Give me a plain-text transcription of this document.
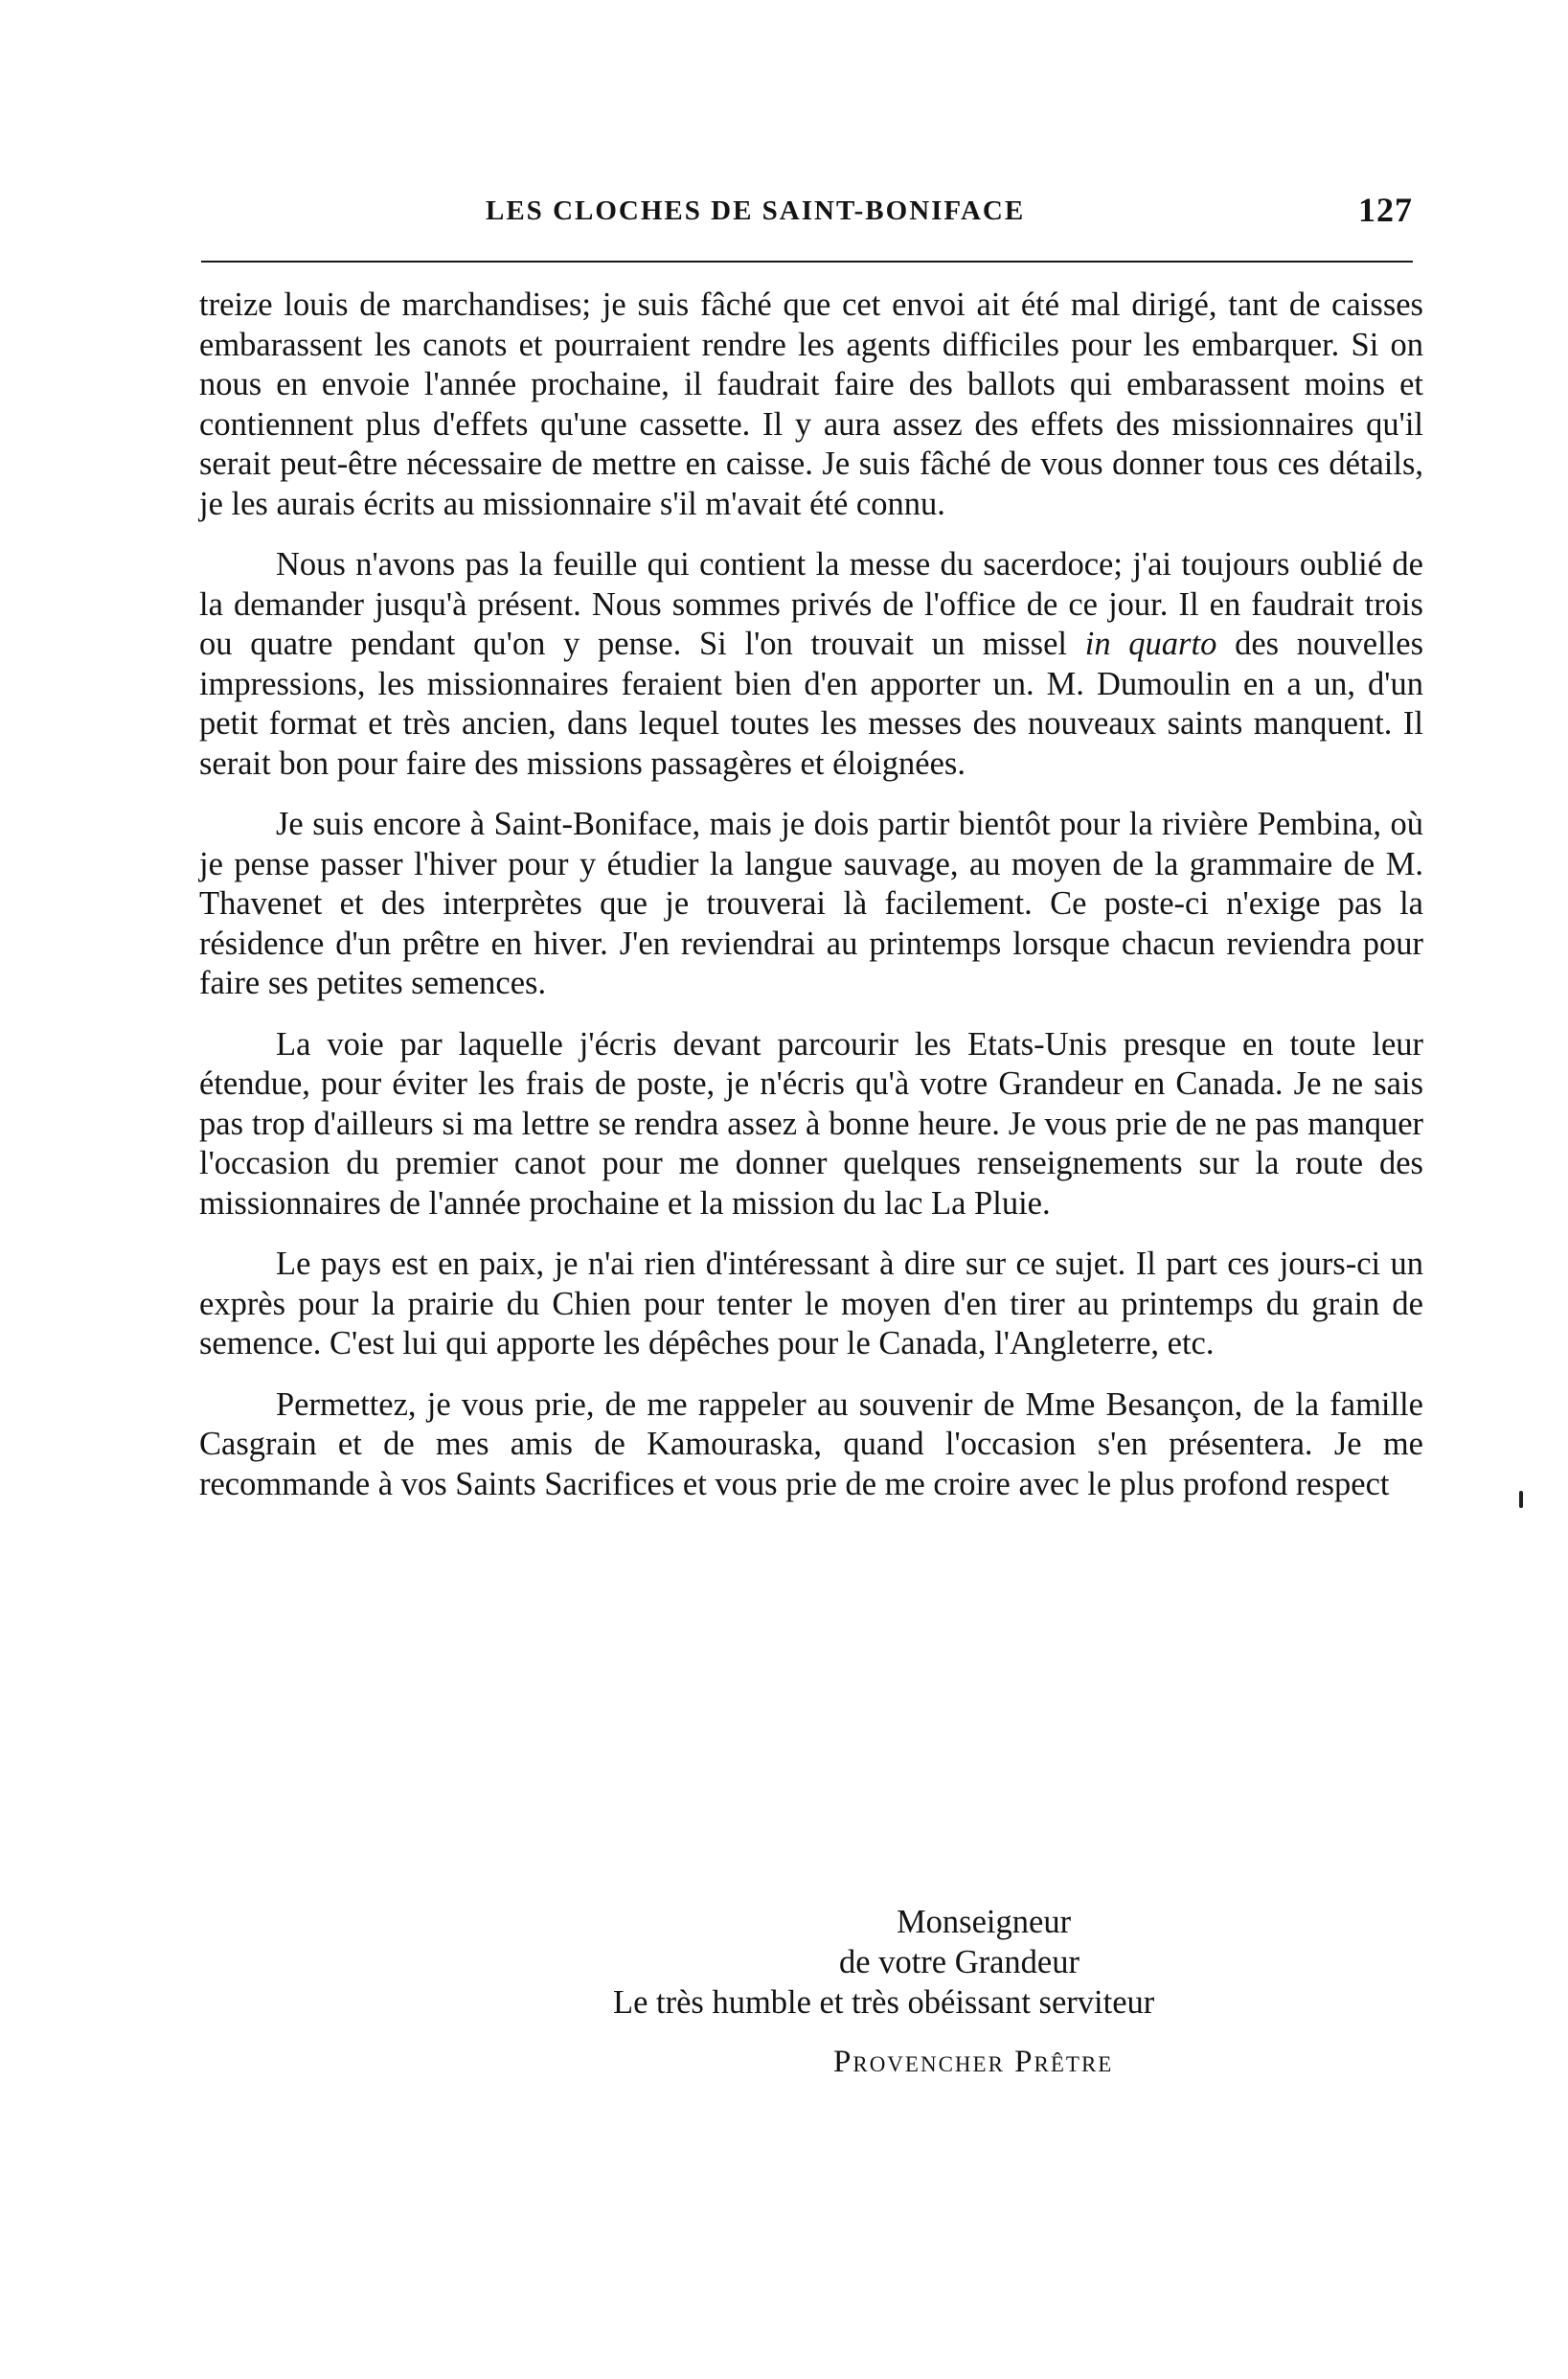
LES CLOCHES DE SAINT-BONIFACE	127

treize louis de marchandises; je suis fâché que cet envoi ait été mal dirigé, tant de caisses embarassent les canots et pourraient rendre les agents difficiles pour les embarquer. Si on nous en envoie l'année prochaine, il faudrait faire des ballots qui embarassent moins et contiennent plus d'effets qu'une cassette. Il y aura assez des effets des missionnaires qu'il serait peut-être nécessaire de mettre en caisse. Je suis fâché de vous donner tous ces détails, je les aurais écrits au missionnaire s'il m'avait été connu.

Nous n'avons pas la feuille qui contient la messe du sacerdoce; j'ai toujours oublié de la demander jusqu'à présent. Nous sommes privés de l'office de ce jour. Il en faudrait trois ou quatre pendant qu'on y pense. Si l'on trouvait un missel in quarto des nouvelles impressions, les missionnaires feraient bien d'en apporter un. M. Dumoulin en a un, d'un petit format et très ancien, dans lequel toutes les messes des nouveaux saints manquent. Il serait bon pour faire des missions passagères et éloignées.

Je suis encore à Saint-Boniface, mais je dois partir bientôt pour la rivière Pembina, où je pense passer l'hiver pour y étudier la langue sauvage, au moyen de la grammaire de M. Thavenet et des interprètes que je trouverai là facilement. Ce poste-ci n'exige pas la résidence d'un prêtre en hiver. J'en reviendrai au printemps lorsque chacun reviendra pour faire ses petites semences.

La voie par laquelle j'écris devant parcourir les Etats-Unis presque en toute leur étendue, pour éviter les frais de poste, je n'écris qu'à votre Grandeur en Canada. Je ne sais pas trop d'ailleurs si ma lettre se rendra assez à bonne heure. Je vous prie de ne pas manquer l'occasion du premier canot pour me donner quelques renseignements sur la route des missionnaires de l'année prochaine et la mission du lac La Pluie.

Le pays est en paix, je n'ai rien d'intéressant à dire sur ce sujet. Il part ces jours-ci un exprès pour la prairie du Chien pour tenter le moyen d'en tirer au printemps du grain de semence. C'est lui qui apporte les dépêches pour le Canada, l'Angleterre, etc.

Permettez, je vous prie, de me rappeler au souvenir de Mme Besançon, de la famille Casgrain et de mes amis de Kamouraska, quand l'occasion s'en présentera. Je me recommande à vos Saints Sacrifices et vous prie de me croire avec le plus profond respect

Monseigneur
de votre Grandeur
Le très humble et très obéissant serviteur
Provencher Prêtre
